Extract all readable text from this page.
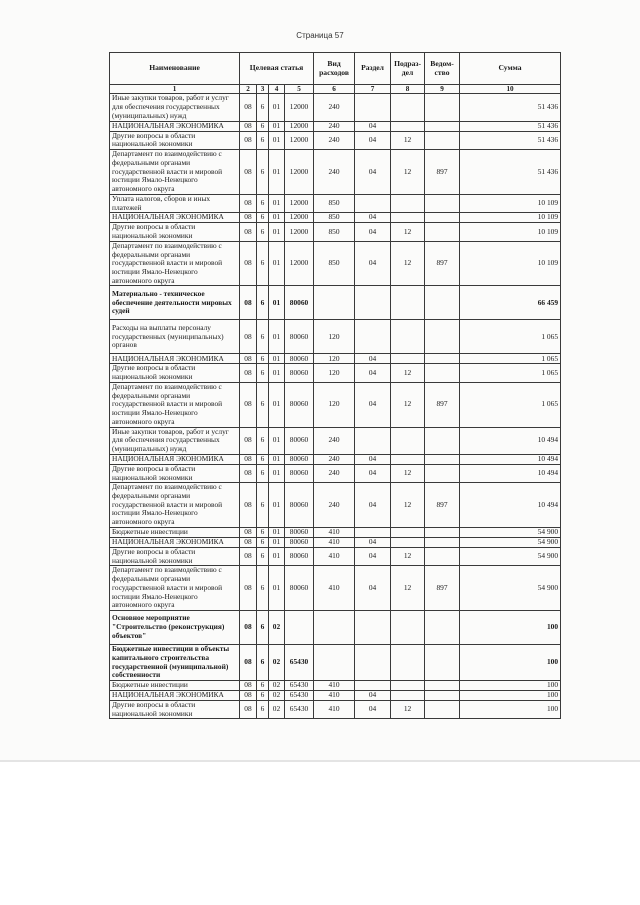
Страница 57
Наименование	Целевая статья				Вид расходов	Раздел	Подраз- дел	Ведом- ство	Сумма
1	2	3	4	5	6	7	8	9	10
Иные закупки товаров, работ и услуг для обеспечения государственных (муниципальных) нужд	08	6	01	12000	240				51 436
НАЦИОНАЛЬНАЯ ЭКОНОМИКА	08	6	01	12000	240	04			51 436
Другие вопросы в области национальной экономики	08	6	01	12000	240	04	12		51 436
Департамент по взаимодействию с федеральными органами государственной власти и мировой юстиции Ямало-Ненецкого автономного округа	08	6	01	12000	240	04	12	897	51 436
Уплата налогов, сборов и иных платежей	08	6	01	12000	850				10 109
НАЦИОНАЛЬНАЯ ЭКОНОМИКА	08	6	01	12000	850	04			10 109
Другие вопросы в области национальной экономики	08	6	01	12000	850	04	12		10 109
Департамент по взаимодействию с федеральными органами государственной власти и мировой юстиции Ямало-Ненецкого автономного округа	08	6	01	12000	850	04	12	897	10 109
Материально - техническое обеспечение деятельности мировых судей	08	6	01	80060					66 459
Расходы на выплаты персоналу государственных (муниципальных) органов	08	6	01	80060	120				1 065
НАЦИОНАЛЬНАЯ ЭКОНОМИКА	08	6	01	80060	120	04			1 065
Другие вопросы в области национальной экономики	08	6	01	80060	120	04	12		1 065
Департамент по взаимодействию с федеральными органами государственной власти и мировой юстиции Ямало-Ненецкого автономного округа	08	6	01	80060	120	04	12	897	1 065
Иные закупки товаров, работ и услуг для обеспечения государственных (муниципальных) нужд	08	6	01	80060	240				10 494
НАЦИОНАЛЬНАЯ ЭКОНОМИКА	08	6	01	80060	240	04			10 494
Другие вопросы в области национальной экономики	08	6	01	80060	240	04	12		10 494
Департамент по взаимодействию с федеральными органами государственной власти и мировой юстиции Ямало-Ненецкого автономного округа	08	6	01	80060	240	04	12	897	10 494
Бюджетные инвестиции	08	6	01	80060	410				54 900
НАЦИОНАЛЬНАЯ ЭКОНОМИКА	08	6	01	80060	410	04			54 900
Другие вопросы в области национальной экономики	08	6	01	80060	410	04	12		54 900
Департамент по взаимодействию с федеральными органами государственной власти и мировой юстиции Ямало-Ненецкого автономного округа	08	6	01	80060	410	04	12	897	54 900
Основное мероприятие "Строительство (реконструкция) объектов"	08	6	02						100
Бюджетные инвестиции в объекты капитального строительства государственной (муниципальной) собственности	08	6	02	65430					100
Бюджетные инвестиции	08	6	02	65430	410				100
НАЦИОНАЛЬНАЯ ЭКОНОМИКА	08	6	02	65430	410	04			100
Другие вопросы в области национальной экономики	08	6	02	65430	410	04	12		100
